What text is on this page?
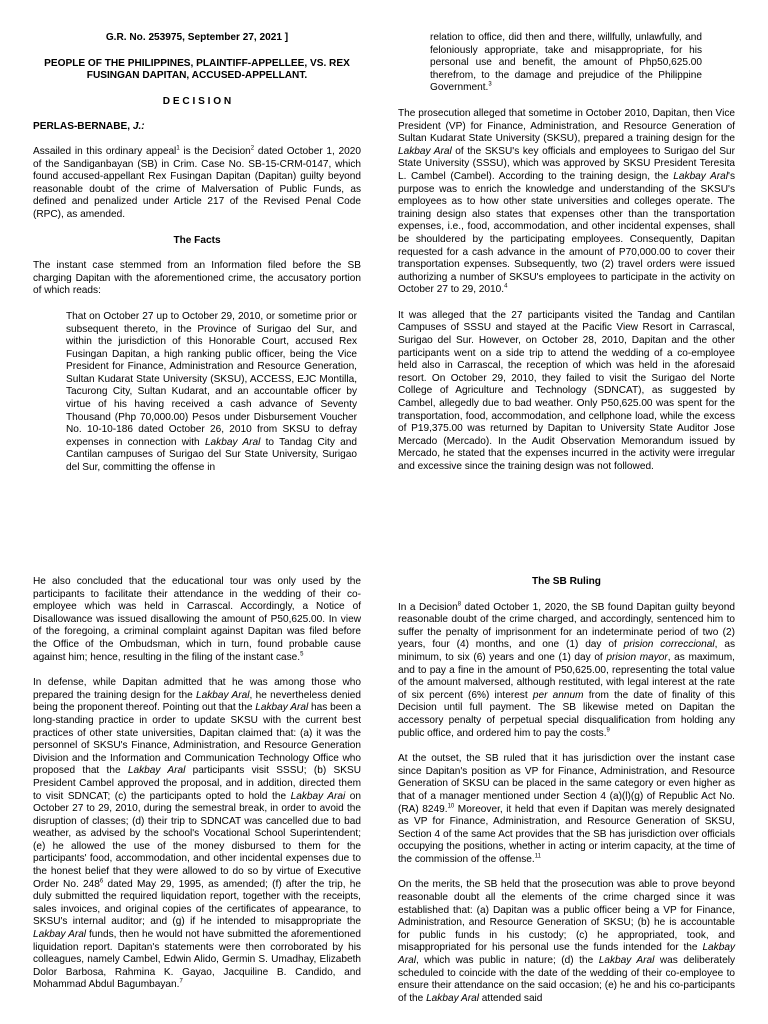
G.R. No. 253975, September 27, 2021 ]

PEOPLE OF THE PHILIPPINES, PLAINTIFF-APPELLEE, VS. REX FUSINGAN DAPITAN, ACCUSED-APPELLANT.

D E C I S I O N

PERLAS-BERNABE, J.:

Assailed in this ordinary appeal$^1$ is the Decision$^2$ dated October 1, 2020 of the Sandiganbayan (SB) in Crim. Case No. SB-15-CRM-0147, which found accused-appellant Rex Fusingan Dapitan (Dapitan) guilty beyond reasonable doubt of the crime of Malversation of Public Funds, as defined and penalized under Article 217 of the Revised Penal Code (RPC), as amended.

The Facts

The instant case stemmed from an Information filed before the SB charging Dapitan with the aforementioned crime, the accusatory portion of which reads:

That on October 27 up to October 29, 2010, or sometime prior or subsequent thereto, in the Province of Surigao del Sur, and within the jurisdiction of this Honorable Court, accused Rex Fusingan Dapitan, a high ranking public officer, being the Vice President for Finance, Administration and Resource Generation, Sultan Kudarat State University (SKSU), ACCESS, EJC Montilla, Tacurong City, Sultan Kudarat, and an accountable officer by virtue of his having received a cash advance of Seventy Thousand (Php 70,000.00) Pesos under Disbursement Voucher No. 10-10-186 dated October 26, 2010 from SKSU to defray expenses in connection with Lakbay Aral to Tandag City and Cantilan campuses of Surigao del Sur State University, Surigao del Sur, committing the offense in

relation to office, did then and there, willfully, unlawfully, and feloniously appropriate, take and misappropriate, for his personal use and benefit, the amount of Php50,625.00 therefrom, to the damage and prejudice of the Philippine Government.$^3$

The prosecution alleged that sometime in October 2010, Dapitan, then Vice President (VP) for Finance, Administration, and Resource Generation of Sultan Kudarat State University (SKSU), prepared a training design for the Lakbay Aral of the SKSU's key officials and employees to Surigao del Sur State University (SSSU), which was approved by SKSU President Teresita L. Cambel (Cambel). According to the training design, the Lakbay Aral's purpose was to enrich the knowledge and understanding of the SKSU's employees as to how other state universities and colleges operate. The training design also states that expenses other than the transportation expenses, i.e., food, accommodation, and other incidental expenses, shall be shouldered by the participating employees. Consequently, Dapitan requested for a cash advance in the amount of P70,000.00 to cover their transportation expenses. Subsequently, two (2) travel orders were issued authorizing a number of SKSU's employees to participate in the activity on October 27 to 29, 2010.$^4$

It was alleged that the 27 participants visited the Tandag and Cantilan Campuses of SSSU and stayed at the Pacific View Resort in Carrascal, Surigao del Sur. However, on October 28, 2010, Dapitan and the other participants went on a side trip to attend the wedding of a co-employee held also in Carrascal, the reception of which was held in the aforesaid resort. On October 29, 2010, they failed to visit the Surigao del Norte College of Agriculture and Technology (SDNCAT), as suggested by Cambel, allegedly due to bad weather. Only P50,625.00 was spent for the transportation, food, accommodation, and cellphone load, while the excess of P19,375.00 was returned by Dapitan to University State Auditor Jose Mercado (Mercado). In the Audit Observation Memorandum issued by Mercado, he stated that the expenses incurred in the activity were irregular and excessive since the training design was not followed.

He also concluded that the educational tour was only used by the participants to facilitate their attendance in the wedding of their co-employee which was held in Carrascal. Accordingly, a Notice of Disallowance was issued disallowing the amount of P50,625.00. In view of the foregoing, a criminal complaint against Dapitan was filed before the Office of the Ombudsman, which in turn, found probable cause against him; hence, resulting in the filing of the instant case.$^5$

In defense, while Dapitan admitted that he was among those who prepared the training design for the Lakbay Aral, he nevertheless denied being the proponent thereof. Pointing out that the Lakbay Aral has been a long-standing practice in order to update SKSU with the current best practices of other state universities, Dapitan claimed that: (a) it was the personnel of SKSU's Finance, Administration, and Resource Generation Division and the Information and Communication Technology Office who proposed that the Lakbay Aral participants visit SSSU; (b) SKSU President Cambel approved the proposal, and in addition, directed them to visit SDNCAT; (c) the participants opted to hold the Lakbay Arai on October 27 to 29, 2010, during the semestral break, in order to avoid the disruption of classes; (d) their trip to SDNCAT was cancelled due to bad weather, as advised by the school's Vocational School Superintendent; (e) he allowed the use of the money disbursed to them for the participants' food, accommodation, and other incidental expenses due to the honest belief that they were allowed to do so by virtue of Executive Order No. $248^6$ dated May 29, 1995, as amended; (f) after the trip, he duly submitted the required liquidation report, together with the receipts, sales invoices, and original copies of the certificates of appearance, to SKSU's internal auditor; and (g) if he intended to misappropriate the Lakbay Aral funds, then he would not have submitted the aforementioned liquidation report. Dapitan's statements were then corroborated by his colleagues, namely Cambel, Edwin Alido, Germin S. Umadhay, Elizabeth Dolor Barbosa, Rahmina K. Gayao, Jacquiline B. Candido, and Mohammad Abdul Bagumbayan.$^7$

The SB Ruling

In a Decision$^8$ dated October 1, 2020, the SB found Dapitan guilty beyond reasonable doubt of the crime charged, and accordingly, sentenced him to suffer the penalty of imprisonment for an indeterminate period of two (2) years, four (4) months, and one (1) day of prision correccional, as minimum, to six (6) years and one (1) day of prision mayor, as maximum, and to pay a fine in the amount of P50,625.00, representing the total value of the amount malversed, although restituted, with legal interest at the rate of six percent (6%) interest per annum from the date of finality of this Decision until full payment. The SB likewise meted on Dapitan the accessory penalty of perpetual special disqualification from holding any public office, and ordered him to pay the costs.$^9$

At the outset, the SB ruled that it has jurisdiction over the instant case since Dapitan's position as VP for Finance, Administration, and Resource Generation of SKSU can be placed in the same category or even higher as that of a manager mentioned under Section 4 (a)(l)(g) of Republic Act No. (RA) 8249.10 Moreover, it held that even if Dapitan was merely designated as VP for Finance, Administration, and Resource Generation of SKSU, Section 4 of the same Act provides that the SB has jurisdiction over officials occupying the positions, whether in acting or interim capacity, at the time of the commission of the offense.$^{11}$

On the merits, the SB held that the prosecution was able to prove beyond reasonable doubt all the elements of the crime charged since it was established that: (a) Dapitan was a public officer being a VP for Finance, Administration, and Resource Generation of SKSU; (b) he is accountable for public funds in his custody; (c) he appropriated, took, and misappropriated for his personal use the funds intended for the Lakbay Aral, which was public in nature; (d) the Lakbay Aral was deliberately scheduled to coincide with the date of the wedding of their co-employee to ensure their attendance on the said occasion; (e) he and his co-participants of the Lakbay Aral attended said
